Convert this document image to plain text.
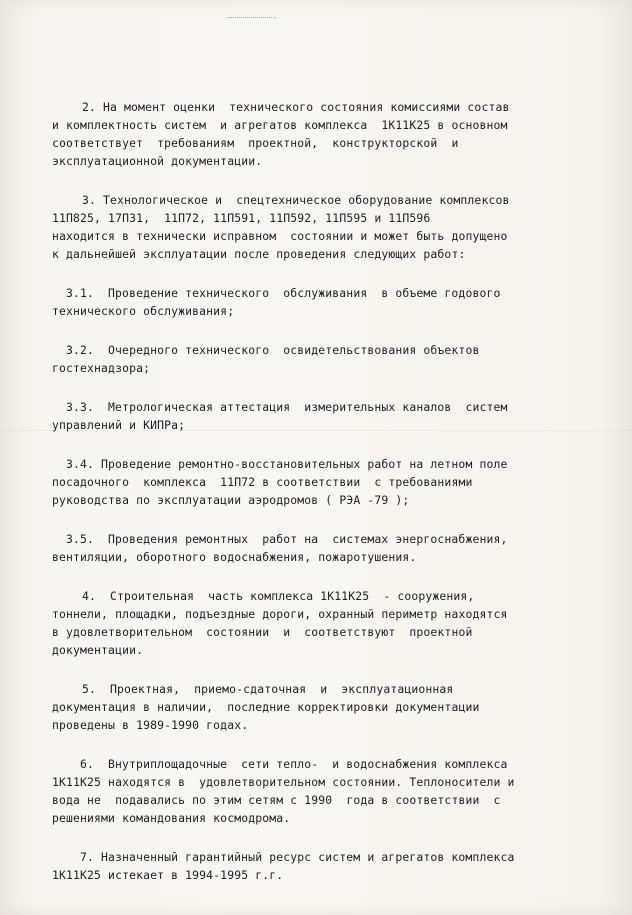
2. На момент оценки  технического состояния комиссиями состав
и комплектность систем  и агрегатов комплекса  1К11К25 в основном
соответствует  требованиям  проектной,  конструкторской  и
эксплуатационной документации.
3. Технологическое и  спецтехническое оборудование комплексов
11П825, 17П31,  11П72, 11П591, 11П592, 11П595 и 11П596
находится в технически исправном  состоянии и может быть допущено
к дальнейшей эксплуатации после проведения следующих работ:
3.1.  Проведение технического  обслуживания  в объеме годового
технического обслуживания;
3.2.  Очередного технического  освидетельствования объектов
гостехнадзора;
3.3.  Метрологическая аттестация  измерительных каналов  систем
управлений и КИПРа;
3.4. Проведение ремонтно-восстановительных работ на летном поле
посадочного  комплекса  11П72 в соответствии  с требованиями
руководства по эксплуатации аэродромов ( РЭА -79 );
3.5.  Проведения ремонтных  работ на  системах энергоснабжения,
вентиляции, оборотного водоснабжения, пожаротушения.
4.  Строительная  часть комплекса 1К11К25  - сооружения,
тоннели, площадки, подъездные дороги, охранный периметр находятся
в удовлетворительном  состоянии  и  соответствуют  проектной
документации.
5.  Проектная,  приемо-сдаточная  и  эксплуатационная
документация в наличии,  последние корректировки документации
проведены в 1989-1990 годах.
6.  Внутриплощадочные  сети тепло-  и водоснабжения комплекса
1К11К25 находятся в  удовлетворительном состоянии. Теплоносители и
вода не  подавались по этим сетям с 1990  года в соответствии  с
решениями командования космодрома.
7. Назначенный гарантийный ресурс систем и агрегатов комплекса
1К11К25 истекает в 1994-1995 г.г.
